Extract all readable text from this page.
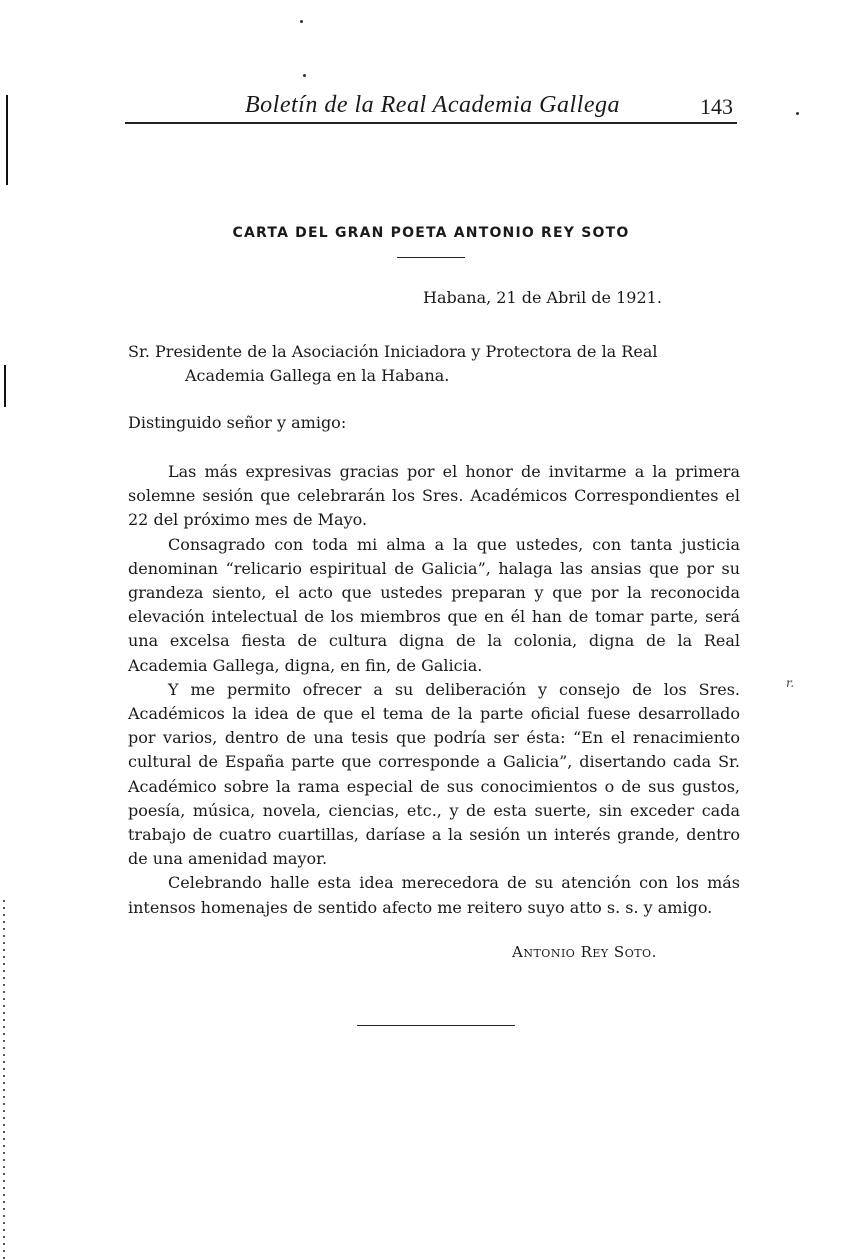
Boletín de la Real Academia Gallega	143
CARTA DEL GRAN POETA ANTONIO REY SOTO
Habana, 21 de Abril de 1921.
Sr. Presidente de la Asociación Iniciadora y Protectora de la Real
Academia Gallega en la Habana.
Distinguido señor y amigo:

Las más expresivas gracias por el honor de invitarme a la primera solemne sesión que celebrarán los Sres. Académicos Correspondientes el 22 del próximo mes de Mayo.

Consagrado con toda mi alma a la que ustedes, con tanta justicia denominan “relicario espiritual de Galicia”, halaga las ansias que por su grandeza siento, el acto que ustedes preparan y que por la reconocida elevación intelectual de los miembros que en él han de tomar parte, será una excelsa fiesta de cultura digna de la colonia, digna de la Real Academia Gallega, digna, en fin, de Galicia.

Y me permito ofrecer a su deliberación y consejo de los Sres. Académicos la idea de que el tema de la parte oficial fuese desarrollado por varios, dentro de una tesis que podría ser ésta: “En el renacimiento cultural de España parte que corresponde a Galicia”, disertando cada Sr. Académico sobre la rama especial de sus conocimientos o de sus gustos, poesía, música, novela, ciencias, etc., y de esta suerte, sin exceder cada trabajo de cuatro cuartillas, daríase a la sesión un interés grande, dentro de una amenidad mayor.

Celebrando halle esta idea merecedora de su atención con los más intensos homenajes de sentido afecto me reitero suyo atto s. s. y amigo.

r.
Antonio Rey Soto.
